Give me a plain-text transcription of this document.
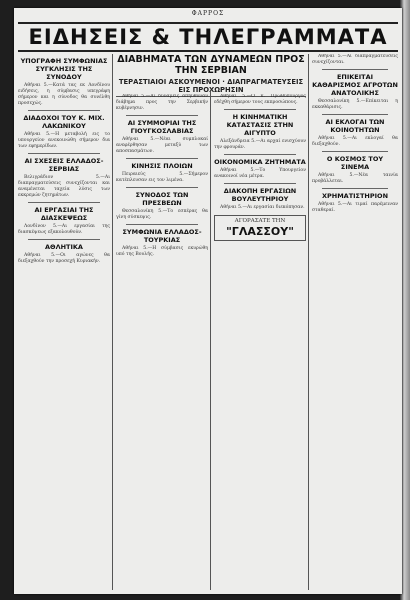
ΦΑΡΡΟΣ
ΕΙΔΗΣΕΙΣ & ΤΗΛΕΓΡΑΜΜΑΤΑ
ΔΙΑΒΗΜΑΤΑ ΤΩΝ ΔΥΝΑΜΕΩΝ ΠΡΟΣ ΤΗΝ ΣΕΡΒΙΑΝ
ΤΕΡΑΣΤΙΑΙΟΙ ΑΣΚΟΥΜΕΝΟΙ · ΔΙΑΠΡΑΓΜΑΤΕΥΣΕΙΣ ΕΙΣ ΠΡΟΧΩΡΗΣΙΝ
ΥΠΟΓΡΑΦΗ ΣΥΜΦΩΝΙΑΣ ΣΥΓΚΛΗΣΙΣ ΤΗΣ ΣΥΝΟΔΟΥ
Αθήναι 5.—Κατά τας εκ Λονδίνου ειδήσεις, η σύμβασις υπεγράφη σήμερον και η σύνοδος θα συνέλθη προσεχώς.
ΔΙΑΔΟΧΟΙ ΤΟΥ Κ. ΜΙΧ. ΛΑΚΩΝΙΚΟΥ
Αθήναι 5.—Η μεταβολή εις το υπουργείον ανεκοινώθη σήμερον δια των εφημερίδων.
ΑΙ ΣΧΕΣΕΙΣ ΕΛΛΑΔΟΣ-ΣΕΡΒΙΑΣ
Βελιγράδιον 5.—Αι διαπραγματεύσεις συνεχίζονται και αναμένεται ταχεία λύσις των εκκρεμών ζητημάτων.
ΑΙ ΕΡΓΑΣΙΑΙ ΤΗΣ ΔΙΑΣΚΕΨΕΩΣ
Λονδίνον 5.—Αι εργασίαι της διασκέψεως εξακολουθούν.
ΑΘΛΗΤΙΚΑ
Αθήναι 5.—Οι αγώνες θα διεξαχθούν την προσεχή Κυριακήν.
Αθήναι 5.—Αι δυνάμεις απηύθυναν διάβημα προς την Σερβικήν κυβέρνησιν.
ΑΙ ΣΥΜΜΟΡΙΑΙ ΤΗΣ ΓΙΟΥΓΚΟΣΛΑΒΙΑΣ
Αθήναι 5.—Νέαι συμπλοκαί ανεφέρθησαν μεταξύ των αποσπασμάτων.
ΚΙΝΗΣΙΣ ΠΛΟΙΩΝ
Πειραιεύς 5.—Σήμερον κατέπλευσαν εις τον λιμένα.
ΣΥΝΟΔΟΣ ΤΩΝ ΠΡΕΣΒΕΩΝ
Θεσσαλονίκη 5.—Το εσπέρας θα γίνη σύσκεψις.
ΣΥΜΦΩΝΙΑ ΕΛΛΑΔΟΣ-ΤΟΥΡΚΙΑΣ
Αθήναι 5.—Η σύμβασις εκυρώθη υπό της Βουλής.
Αθήναι 5.—Ο κ. Πρωθυπουργός εδέχθη σήμερον τους εκπροσώπους.
Η ΚΙΝΗΜΑΤΙΚΗ ΚΑΤΑΣΤΑΣΙΣ ΣΤΗΝ ΑΙΓΥΠΤΟ
Αλεξάνδρεια 5.—Αι αρχαί ενισχύουν την φρουράν.
ΟΙΚΟΝΟΜΙΚΑ ΖΗΤΗΜΑΤΑ
Αθήναι 5.—Το Υπουργείον ανακοινοί νέα μέτρα.
ΔΙΑΚΟΠΗ ΕΡΓΑΣΙΩΝ ΒΟΥΛΕΥΤΗΡΙΟΥ
Αθήναι 5.—Αι εργασίαι διεκόπησαν.
ΑΓΟΡΑΣΑΤΕ ΤΗΝ
"ΓΛΑΣΣΟΥ"
Αθήναι 5.—Αι διαπραγματεύσεις συνεχίζονται.
ΕΠΙΚΕΙΤΑΙ ΚΑΘΑΡΙΣΜΟΣ ΑΓΡΟΤΩΝ ΑΝΑΤΟΛΙΚΗΣ
Θεσσαλονίκη 5.—Επίκειται η εκκαθάρισις.
ΑΙ ΕΚΛΟΓΑΙ ΤΩΝ ΚΟΙΝΟΤΗΤΩΝ
Αθήναι 5.—Αι εκλογαί θα διεξαχθούν.
Ο ΚΟΣΜΟΣ ΤΟΥ ΣΙΝΕΜΑ
Αθήναι 5.—Νέα ταινία προβάλλεται.
ΧΡΗΜΑΤΙΣΤΗΡΙΟΝ
Αθήναι 5.—Αι τιμαί παρέμειναν σταθεραί.
